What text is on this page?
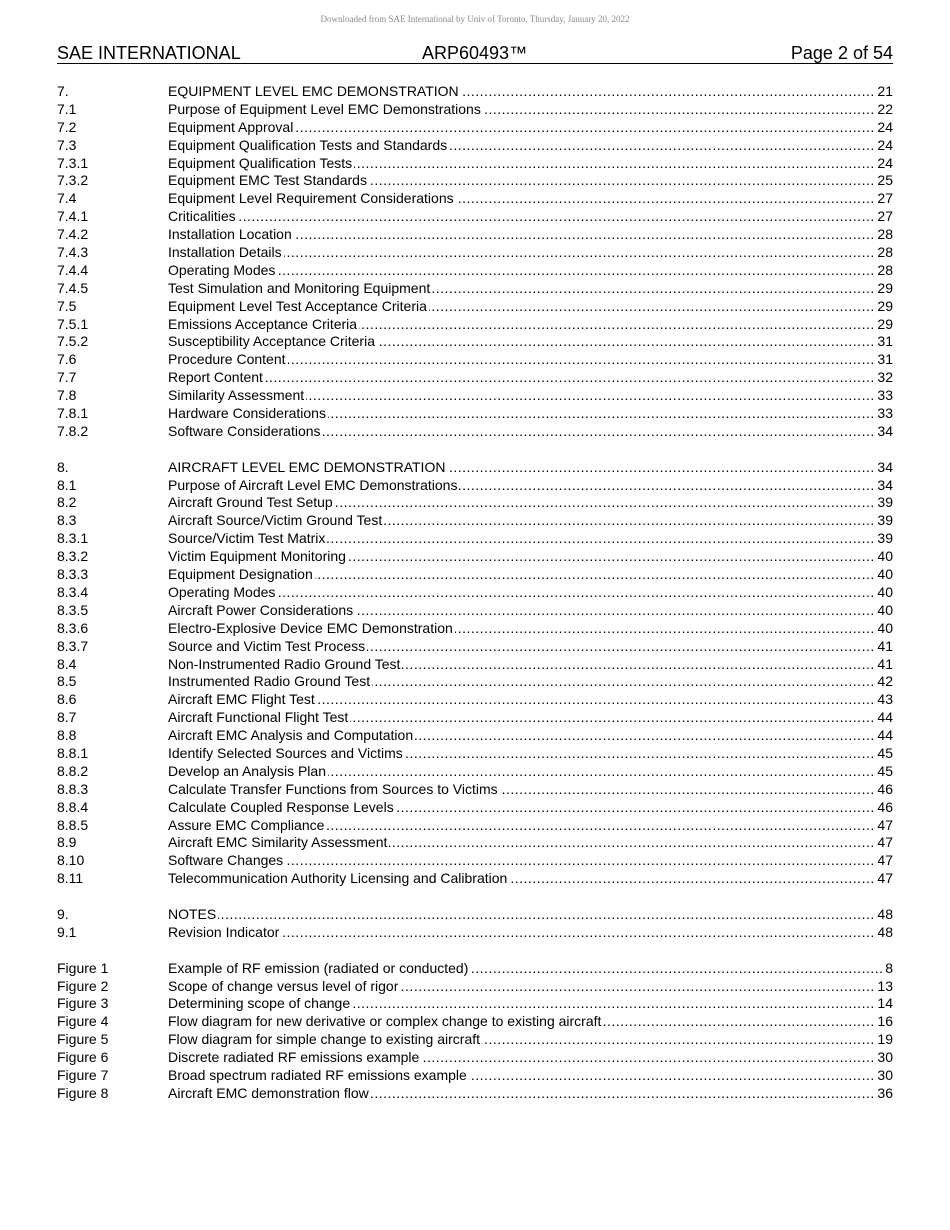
Downloaded from SAE International by Univ of Toronto, Thursday, January 20, 2022
SAE INTERNATIONAL	ARP60493™	Page 2 of 54
7.	EQUIPMENT LEVEL EMC DEMONSTRATION .....	21
7.1	Purpose of Equipment Level EMC Demonstrations .....	22
7.2	Equipment Approval .....	24
7.3	Equipment Qualification Tests and Standards .....	24
7.3.1	Equipment Qualification Tests .....	24
7.3.2	Equipment EMC Test Standards .....	25
7.4	Equipment Level Requirement Considerations .....	27
7.4.1	Criticalities .....	27
7.4.2	Installation Location .....	28
7.4.3	Installation Details .....	28
7.4.4	Operating Modes .....	28
7.4.5	Test Simulation and Monitoring Equipment .....	29
7.5	Equipment Level Test Acceptance Criteria .....	29
7.5.1	Emissions Acceptance Criteria .....	29
7.5.2	Susceptibility Acceptance Criteria .....	31
7.6	Procedure Content .....	31
7.7	Report Content .....	32
7.8	Similarity Assessment .....	33
7.8.1	Hardware Considerations .....	33
7.8.2	Software Considerations .....	34
8.	AIRCRAFT LEVEL EMC DEMONSTRATION .....	34
8.1	Purpose of Aircraft Level EMC Demonstrations .....	34
8.2	Aircraft Ground Test Setup .....	39
8.3	Aircraft Source/Victim Ground Test .....	39
8.3.1	Source/Victim Test Matrix .....	39
8.3.2	Victim Equipment Monitoring .....	40
8.3.3	Equipment Designation .....	40
8.3.4	Operating Modes .....	40
8.3.5	Aircraft Power Considerations .....	40
8.3.6	Electro-Explosive Device EMC Demonstration .....	40
8.3.7	Source and Victim Test Process .....	41
8.4	Non-Instrumented Radio Ground Test .....	41
8.5	Instrumented Radio Ground Test .....	42
8.6	Aircraft EMC Flight Test .....	43
8.7	Aircraft Functional Flight Test .....	44
8.8	Aircraft EMC Analysis and Computation .....	44
8.8.1	Identify Selected Sources and Victims .....	45
8.8.2	Develop an Analysis Plan .....	45
8.8.3	Calculate Transfer Functions from Sources to Victims .....	46
8.8.4	Calculate Coupled Response Levels .....	46
8.8.5	Assure EMC Compliance .....	47
8.9	Aircraft EMC Similarity Assessment .....	47
8.10	Software Changes .....	47
8.11	Telecommunication Authority Licensing and Calibration .....	47
9.	NOTES .....	48
9.1	Revision Indicator .....	48
Figure 1	Example of RF emission (radiated or conducted) .....	8
Figure 2	Scope of change versus level of rigor .....	13
Figure 3	Determining scope of change .....	14
Figure 4	Flow diagram for new derivative or complex change to existing aircraft .....	16
Figure 5	Flow diagram for simple change to existing aircraft .....	19
Figure 6	Discrete radiated RF emissions example .....	30
Figure 7	Broad spectrum radiated RF emissions example .....	30
Figure 8	Aircraft EMC demonstration flow .....	36
